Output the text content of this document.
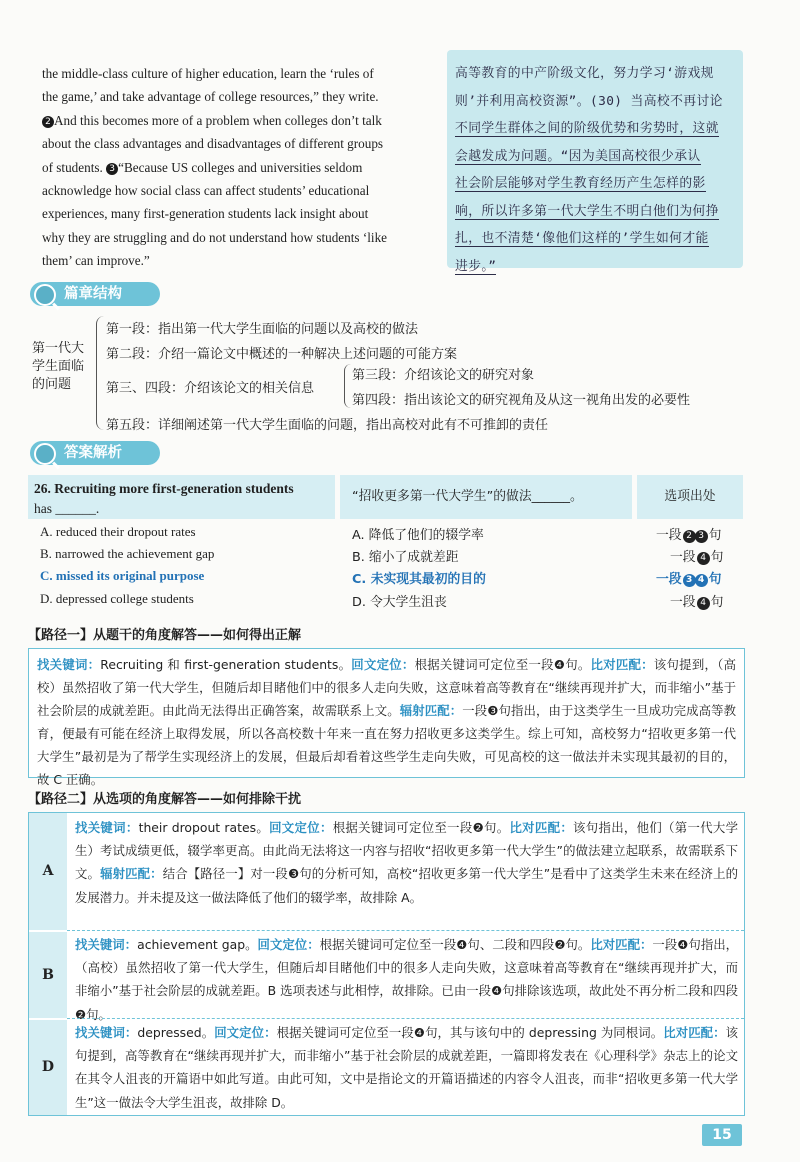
the middle-class culture of higher education, learn the ‘rules of
the game,’ and take advantage of college resources,” they write.
2 And this becomes more of a problem when colleges don’t talk
about the class advantages and disadvantages of different groups
of students. 3 “Because US colleges and universities seldom
acknowledge how social class can affect students’ educational
experiences, many first-generation students lack insight about
why they are struggling and do not understand how students ‘like
them’ can improve.”
高等教育的中产阶级文化，努力学习‘游戏规
则’并利用高校资源”。(30) 当高校不再讨论
不同学生群体之间的阶级优势和劣势时，这就
会越发成为问题。“因为美国高校很少承认
社会阶层能够对学生教育经历产生怎样的影
响，所以许多第一代大学生不明白他们为何挣
扎，也不清楚‘像他们这样的’学生如何才能
进步。”
篇章结构
第一代大
学生面临
的问题
第一段：指出第一代大学生面临的问题以及高校的做法
第二段：介绍一篇论文中概述的一种解决上述问题的可能方案
第三、四段：介绍该论文的相关信息
第三段：介绍该论文的研究对象
第四段：指出该论文的研究视角及从这一视角出发的必要性
第五段：详细阐述第一代大学生面临的问题，指出高校对此有不可推卸的责任
答案解析
26. Recruiting more first-generation students
has ______.
“招收更多第一代大学生”的做法______。	选项出处
A. reduced their dropout rates	A. 降低了他们的辍学率	一段 2 3 句
B. narrowed the achievement gap	B. 缩小了成就差距	一段 4 句
C. missed its original purpose	C. 未实现其最初的目的	一段 3 4 句
D. depressed college students	D. 令大学生沮丧	一段 4 句
【路径一】从题干的角度解答——如何得出正解
找关键词：Recruiting 和 first-generation students。回文定位：根据关键词可定位至一段❹句。比对匹配：该句提到，（高校）虽然招收了第一代大学生，但随后却目睹他们中的很多人走向失败，这意味着高等教育在“继续再现并扩大，而非缩小”基于社会阶层的成就差距。由此尚无法得出正确答案，故需联系上文。辐射匹配：一段❸句指出，由于这类学生一旦成功完成高等教育，便最有可能在经济上取得发展，所以各高校数十年来一直在努力招收更多这类学生。综上可知，高校努力“招收更多第一代大学生”最初是为了帮学生实现经济上的发展，但最后却看着这些学生走向失败，可见高校的这一做法并未实现其最初的目的，故 C 正确。
【路径二】从选项的角度解答——如何排除干扰
A
找关键词：their dropout rates。回文定位：根据关键词可定位至一段❷句。比对匹配：该句指出，他们（第一代大学生）考试成绩更低，辍学率更高。由此尚无法将这一内容与招收“招收更多第一代大学生”的做法建立起联系，故需联系下文。辐射匹配：结合【路径一】对一段❸句的分析可知，高校“招收更多第一代大学生”是看中了这类学生未来在经济上的发展潜力。并未提及这一做法降低了他们的辍学率，故排除 A。
B
找关键词：achievement gap。回文定位：根据关键词可定位至一段❹句、二段和四段❷句。比对匹配：一段❹句指出，（高校）虽然招收了第一代大学生，但随后却目睹他们中的很多人走向失败，这意味着高等教育在“继续再现并扩大，而非缩小”基于社会阶层的成就差距。B 选项表述与此相悖，故排除。已由一段❹句排除该选项，故此处不再分析二段和四段❷句。
D
找关键词：depressed。回文定位：根据关键词可定位至一段❹句，其与该句中的 depressing 为同根词。比对匹配：该句提到，高等教育在“继续再现并扩大，而非缩小”基于社会阶层的成就差距，一篇即将发表在《心理科学》杂志上的论文在其令人沮丧的开篇语中如此写道。由此可知，文中是指论文的开篇语描述的内容令人沮丧，而非“招收更多第一代大学生”这一做法令大学生沮丧，故排除 D。
15
